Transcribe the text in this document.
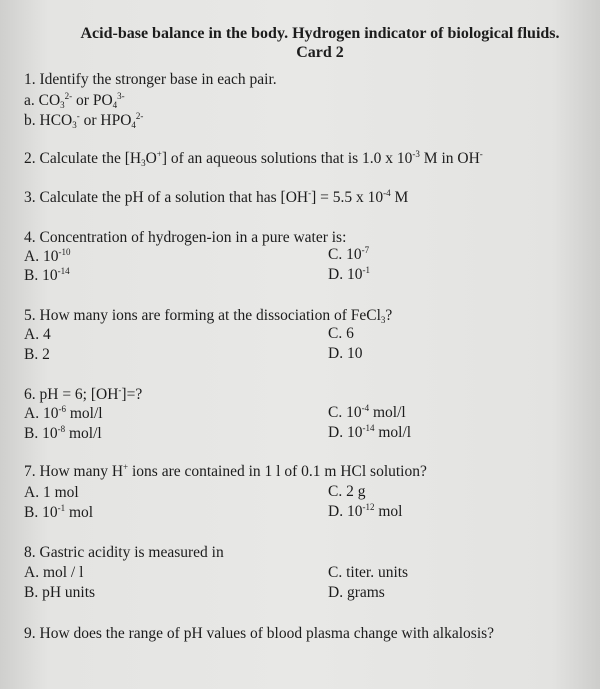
Acid-base balance in the body. Hydrogen indicator of biological fluids.
Card 2
1. Identify the stronger base in each pair.
a. $CO_3^{2-}$ or $PO_4^{3-}$
b. $HCO_3^-$ or $HPO_4^{2-}$
2. Calculate the $[H_3O^+]$ of an aqueous solutions that is 1.0 x $10^{-3}$ M in OH-
3. Calculate the pH of a solution that has [OH-] = 5.5 x $10^{-4}$ M
4. Concentration of hydrogen-ion in a pure water is:
A. $10^{-10}$	C. $10^{-7}$
B. $10^{-14}$	D. $10^{-1}$
5. How many ions are forming at the dissociation of FeCl$_3$?
A. 4	C. 6
B. 2	D. 10
6. pH = 6; [OH-]=?
A. $10^{-6}$ mol/l	C. $10^{-4}$ mol/l
B. $10^{-8}$ mol/l	D. $10^{-14}$ mol/l
7. How many H+ ions are contained in 1 l of 0.1 m HCl solution?
A. 1 mol	C. 2 g
B. $10^{-1}$ mol	D. $10^{-12}$ mol
8. Gastric acidity is measured in
A. mol / l	C. titer. units
B. pH units	D. grams
9. How does the range of pH values of blood plasma change with alkalosis?
